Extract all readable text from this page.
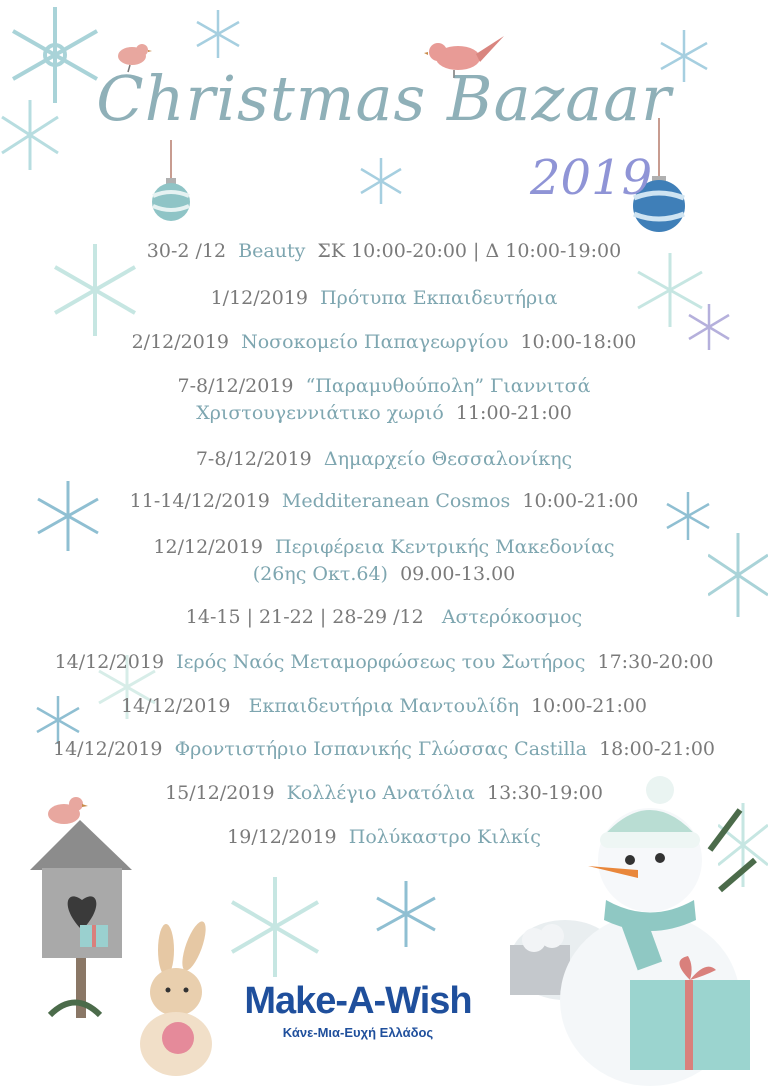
Christmas Bazaar
2019
30-2 /12 Beauty ΣΚ 10:00-20:00 | Δ 10:00-19:00
1/12/2019 Πρότυπα Εκπαιδευτήρια
2/12/2019 Νοσοκομείο Παπαγεωργίου 10:00-18:00
7-8/12/2019 “Παραμυθούπολη” Γιαννιτσά
Χριστουγεννιάτικο χωριό 11:00-21:00
7-8/12/2019 Δημαρχείο Θεσσαλονίκης
11-14/12/2019 Medditeranean Cosmos 10:00-21:00
12/12/2019 Περιφέρεια Κεντρικής Μακεδονίας
(26ης Οκτ.64) 09.00-13.00
14-15 | 21-22 | 28-29 /12 Αστερόκοσμος
14/12/2019 Ιερός Ναός Μεταμορφώσεως του Σωτήρος 17:30-20:00
14/12/2019 Εκπαιδευτήρια Μαντουλίδη 10:00-21:00
14/12/2019 Φροντιστήριο Ισπανικής Γλώσσας Castilla 18:00-21:00
15/12/2019 Κολλέγιο Ανατόλια 13:30-19:00
19/12/2019 Πολύκαστρο Κιλκίς
Make-A-Wish
Κάνε-Μια-Ευχή Ελλάδος
